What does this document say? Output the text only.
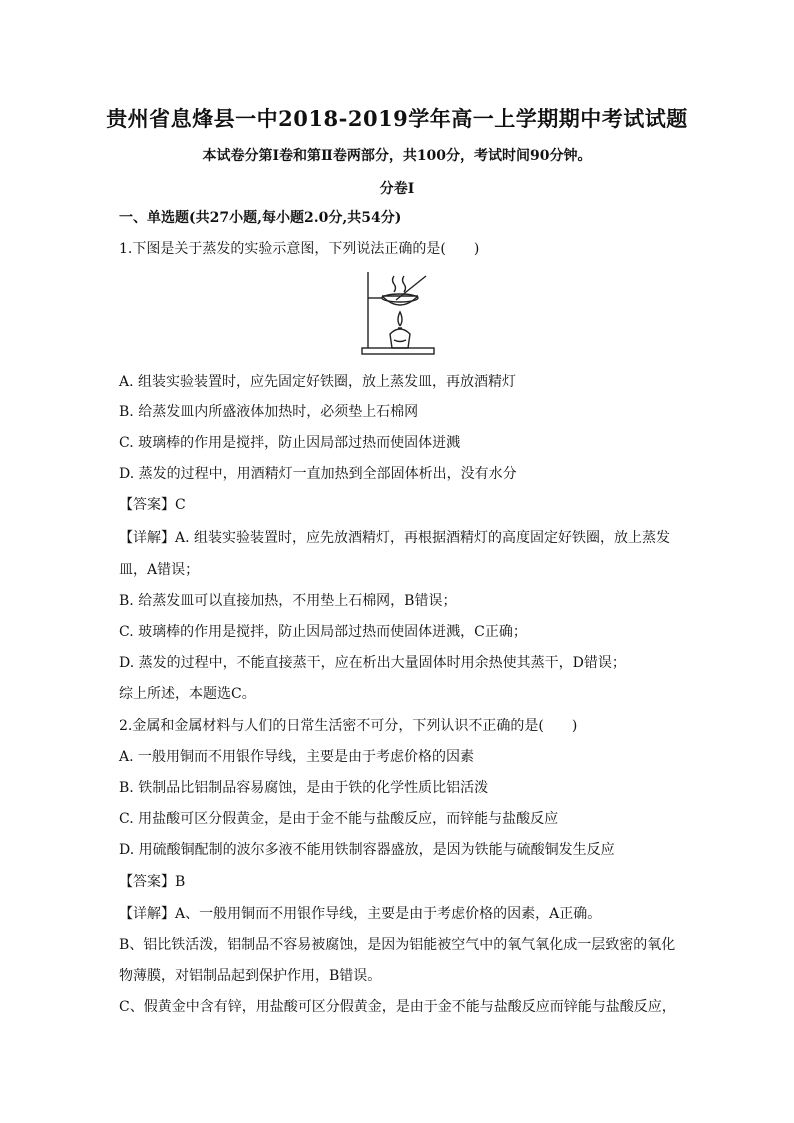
贵州省息烽县一中2018-2019学年高一上学期期中考试试题
本试卷分第Ⅰ卷和第Ⅱ卷两部分，共100分，考试时间90分钟。
分卷I
一、单选题(共27小题,每小题2.0分,共54分)
1.下图是关于蒸发的实验示意图，下列说法正确的是(　　)
A. 组装实验装置时，应先固定好铁圈，放上蒸发皿，再放酒精灯
B. 给蒸发皿内所盛液体加热时，必须垫上石棉网
C. 玻璃棒的作用是搅拌，防止因局部过热而使固体迸溅
D. 蒸发的过程中，用酒精灯一直加热到全部固体析出，没有水分
【答案】C
【详解】A. 组装实验装置时，应先放酒精灯，再根据酒精灯的高度固定好铁圈，放上蒸发
皿，A错误；
B. 给蒸发皿可以直接加热，不用垫上石棉网，B错误；
C. 玻璃棒的作用是搅拌，防止因局部过热而使固体迸溅，C正确；
D. 蒸发的过程中，不能直接蒸干，应在析出大量固体时用余热使其蒸干，D错误；
综上所述，本题选C。
2.金属和金属材料与人们的日常生活密不可分，下列认识不正确的是(　　)
A. 一般用铜而不用银作导线，主要是由于考虑价格的因素
B. 铁制品比铝制品容易腐蚀，是由于铁的化学性质比铝活泼
C. 用盐酸可区分假黄金，是由于金不能与盐酸反应，而锌能与盐酸反应
D. 用硫酸铜配制的波尔多液不能用铁制容器盛放，是因为铁能与硫酸铜发生反应
【答案】B
【详解】A、一般用铜而不用银作导线，主要是由于考虑价格的因素，A正确。
B、铝比铁活泼，铝制品不容易被腐蚀，是因为铝能被空气中的氧气氧化成一层致密的氧化
物薄膜，对铝制品起到保护作用，B错误。
C、假黄金中含有锌，用盐酸可区分假黄金，是由于金不能与盐酸反应而锌能与盐酸反应，
